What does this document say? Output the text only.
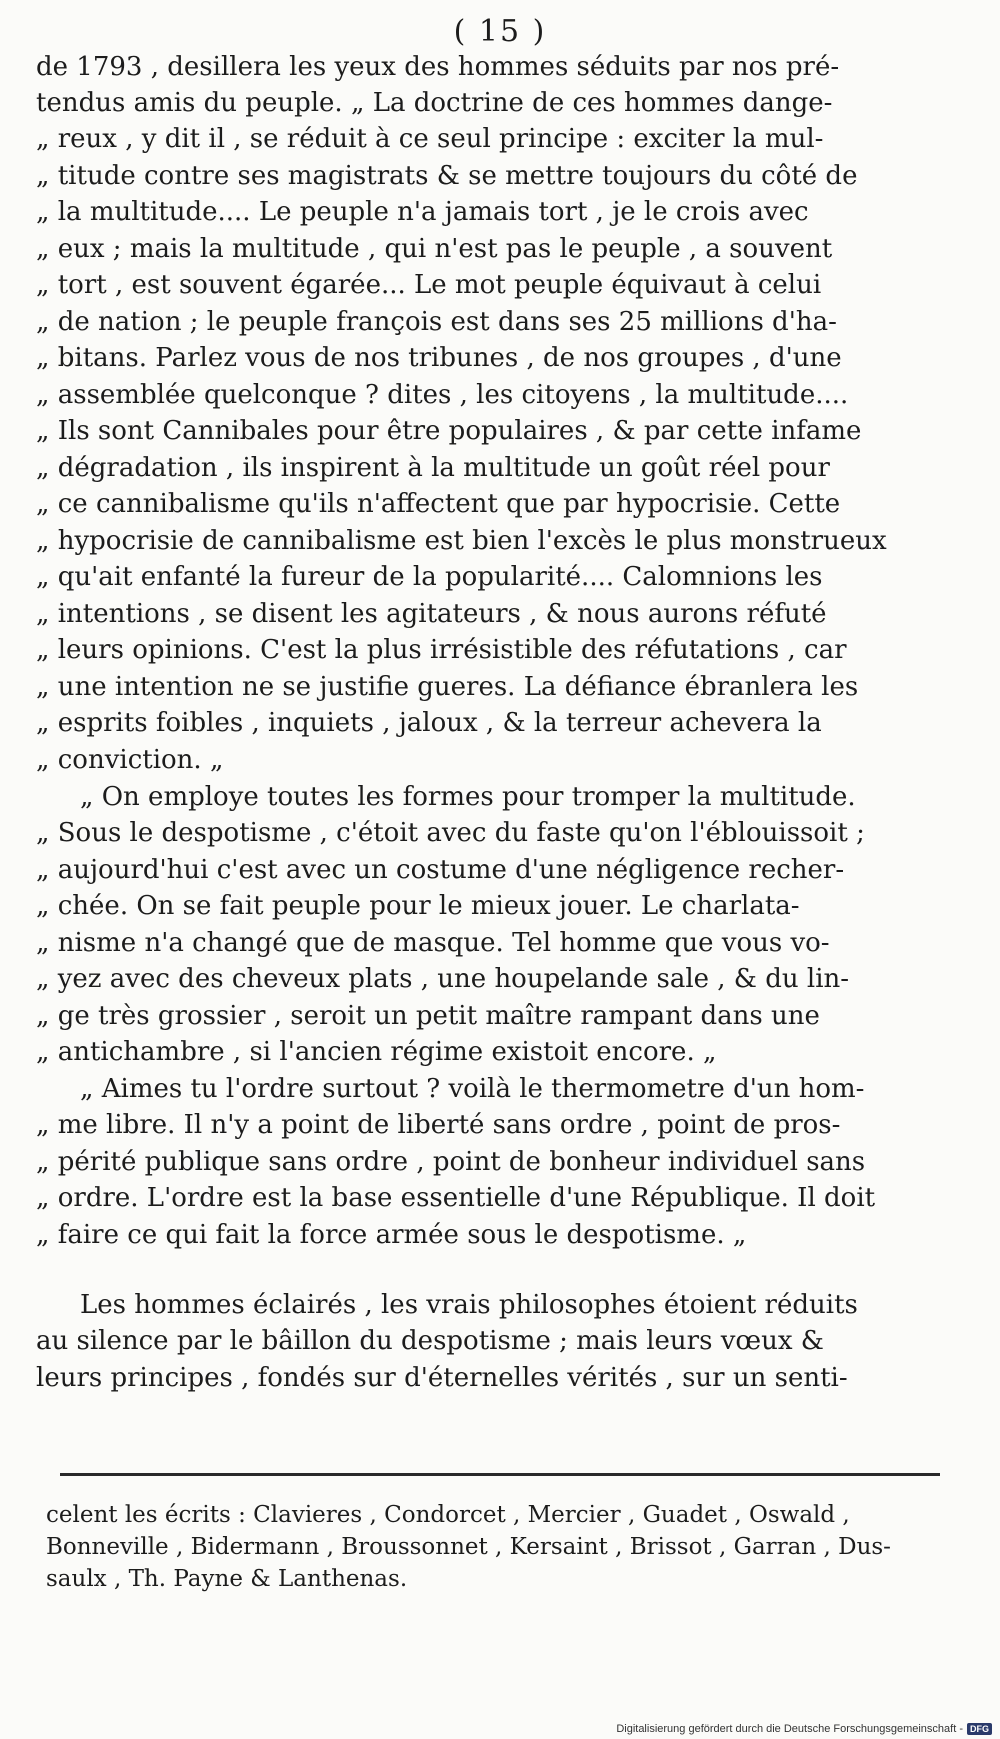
( 15 )
de 1793 , desillera les yeux des hommes séduits par nos pré-
tendus amis du peuple. „ La doctrine de ces hommes dange-
„ reux , y dit il , se réduit à ce seul principe : exciter la mul-
„ titude contre ses magistrats & se mettre toujours du côté de
„ la multitude.... Le peuple n'a jamais tort , je le crois avec
„ eux ; mais la multitude , qui n'est pas le peuple , a souvent
„ tort , est souvent égarée... Le mot peuple équivaut à celui
„ de nation ; le peuple françois est dans ses 25 millions d'ha-
„ bitans. Parlez vous de nos tribunes , de nos groupes , d'une
„ assemblée quelconque ? dites , les citoyens , la multitude....
„ Ils sont Cannibales pour être populaires , & par cette infame
„ dégradation , ils inspirent à la multitude un goût réel pour
„ ce cannibalisme qu'ils n'affectent que par hypocrisie. Cette
„ hypocrisie de cannibalisme est bien l'excès le plus monstrueux
„ qu'ait enfanté la fureur de la popularité.... Calomnions les
„ intentions , se disent les agitateurs , & nous aurons réfuté
„ leurs opinions. C'est la plus irrésistible des réfutations , car
„ une intention ne se justifie gueres. La défiance ébranlera les
„ esprits foibles , inquiets , jaloux , & la terreur achevera la
„ conviction. „
„ On employe toutes les formes pour tromper la multitude.
„ Sous le despotisme , c'étoit avec du faste qu'on l'éblouissoit ;
„ aujourd'hui c'est avec un costume d'une négligence recher-
„ chée. On se fait peuple pour le mieux jouer. Le charlata-
„ nisme n'a changé que de masque. Tel homme que vous vo-
„ yez avec des cheveux plats , une houpelande sale , & du lin-
„ ge très grossier , seroit un petit maître rampant dans une
„ antichambre , si l'ancien régime existoit encore. „
„ Aimes tu l'ordre surtout ? voilà le thermometre d'un hom-
„ me libre. Il n'y a point de liberté sans ordre , point de pros-
„ périté publique sans ordre , point de bonheur individuel sans
„ ordre. L'ordre est la base essentielle d'une République. Il doit
„ faire ce qui fait la force armée sous le despotisme. „
Les hommes éclairés , les vrais philosophes étoient réduits
au silence par le bâillon du despotisme ; mais leurs vœux &
leurs principes , fondés sur d'éternelles vérités , sur un senti-
celent les écrits : Clavieres , Condorcet , Mercier , Guadet , Oswald ,
Bonneville , Bidermann , Broussonnet , Kersaint , Brissot , Garran , Dus-
saulx , Th. Payne & Lanthenas.
Digitalisierung gefördert durch die Deutsche Forschungsgemeinschaft - DFG
